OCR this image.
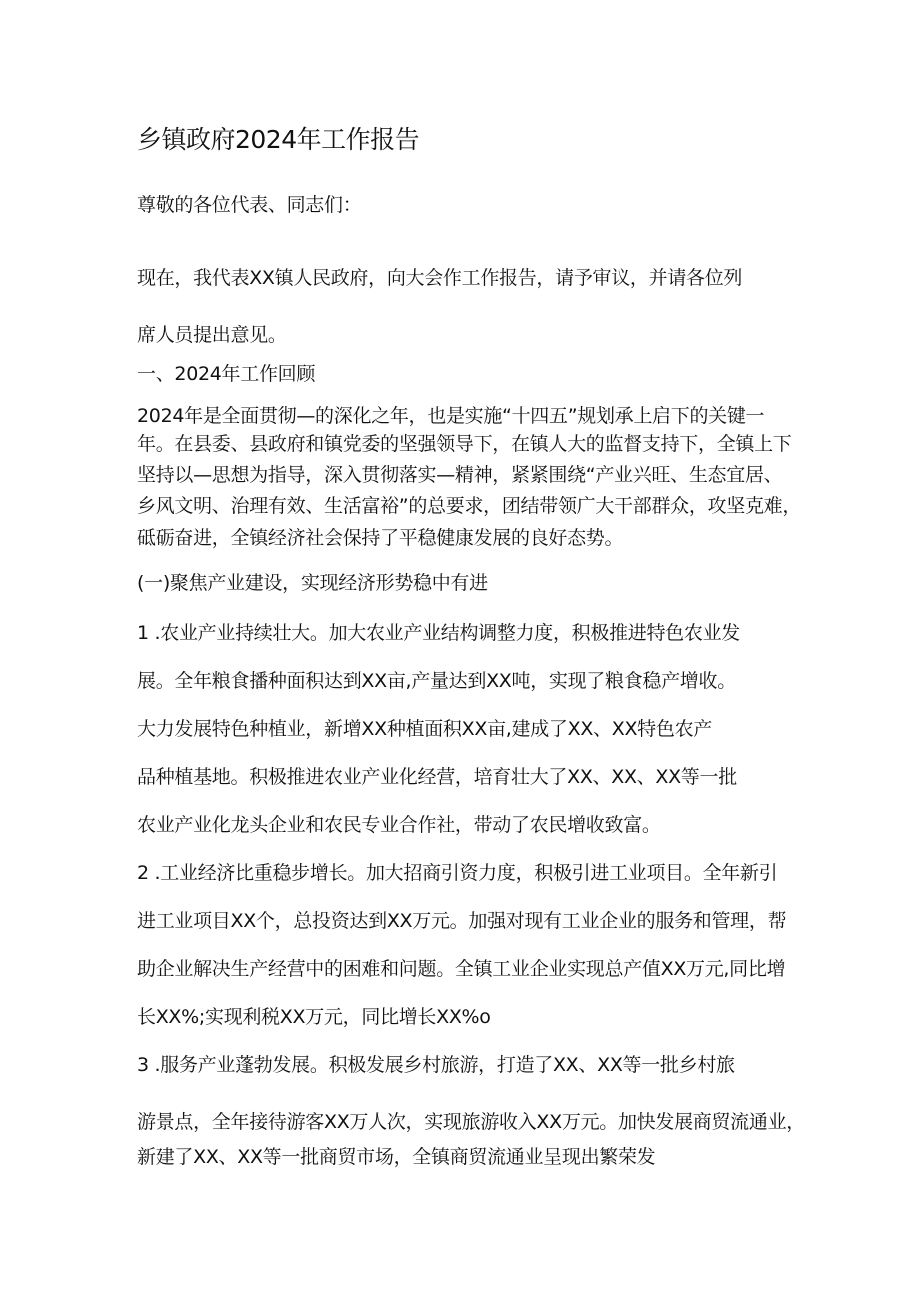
乡镇政府2024年工作报告

尊敬的各位代表、同志们：

现在，我代表XX镇人民政府，向大会作工作报告，请予审议，并请各位列

席人员提出意见。

一、2024年工作回顾

2024年是全面贯彻—的深化之年，也是实施“十四五”规划承上启下的关键一

年。在县委、县政府和镇党委的坚强领导下，在镇人大的监督支持下，全镇上下

坚持以—思想为指导，深入贯彻落实—精神，紧紧围绕“产业兴旺、生态宜居、

乡风文明、治理有效、生活富裕”的总要求，团结带领广大干部群众，攻坚克难，

砥砺奋进，全镇经济社会保持了平稳健康发展的良好态势。

(一)聚焦产业建设，实现经济形势稳中有进

1 .农业产业持续壮大。加大农业产业结构调整力度，积极推进特色农业发

展。全年粮食播种面积达到XX亩,产量达到XX吨，实现了粮食稳产增收。

大力发展特色种植业，新增XX种植面积XX亩,建成了XX、XX特色农产

品种植基地。积极推进农业产业化经营，培育壮大了XX、XX、XX等一批

农业产业化龙头企业和农民专业合作社，带动了农民增收致富。

2 .工业经济比重稳步增长。加大招商引资力度，积极引进工业项目。全年新引

进工业项目XX个，总投资达到XX万元。加强对现有工业企业的服务和管理，帮

助企业解决生产经营中的困难和问题。全镇工业企业实现总产值XX万元,同比增

长XX%;实现利税XX万元，同比增长XX%o

3 .服务产业蓬勃发展。积极发展乡村旅游，打造了XX、XX等一批乡村旅

游景点，全年接待游客XX万人次，实现旅游收入XX万元。加快发展商贸流通业，

新建了XX、XX等一批商贸市场，全镇商贸流通业呈现出繁荣发
